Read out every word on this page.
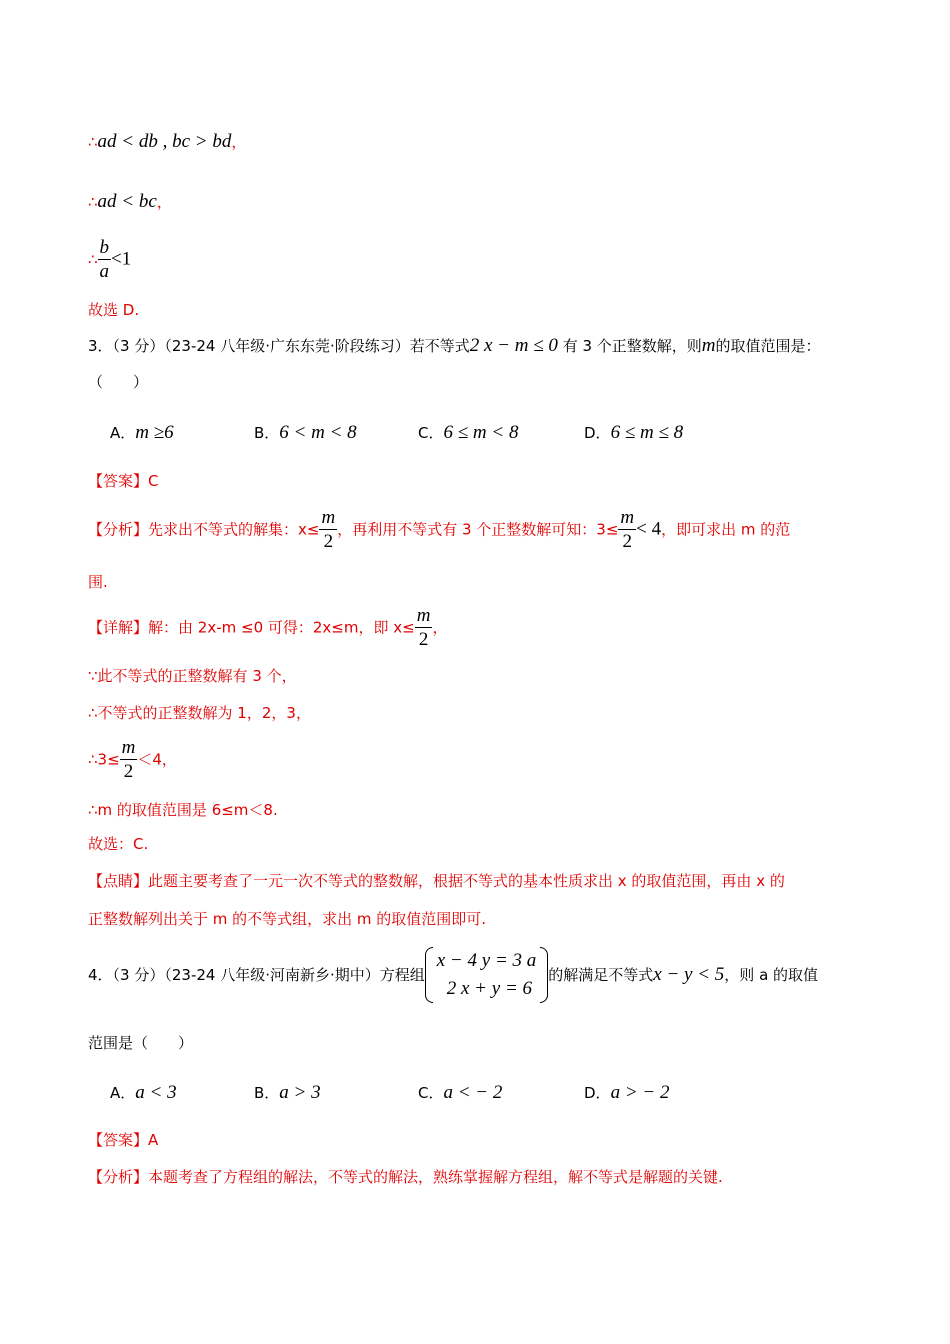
∴ad < db , bc > bd，
∴ad < bc，
∴ $\frac{b}{a} <1$
故选 D.
3．（3 分）（23-24 八年级·广东东莞·阶段练习）若不等式2 x − m ≤ 0 有 3 个正整数解，则m的取值范围是：
（　　）
A．m ≥6	B．6 < m < 8	C．6 ≤ m < 8	D．6 ≤ m ≤ 8
【答案】C
【分析】先求出不等式的解集：$x\le \frac{m}{2}$ ，再利用不等式有 3 个正整数解可知：$3\le \frac{m}{2} < 4$，即可求出 m 的范
围.
【详解】解：由 2x-m ≤0 可得：2x≤m，即 $x\le \frac{m}{2}$ ，
∵此不等式的正整数解有 3 个，
∴不等式的正整数解为 1，2，3，
∴3≤ $\frac{m}{2} <4$，
∴m 的取值范围是 6≤m＜8.
故选：C.
【点睛】此题主要考查了一元一次不等式的整数解，根据不等式的基本性质求出 x 的取值范围，再由 x 的
正整数解列出关于 m 的不等式组，求出 m 的取值范围即可.
4．（3 分）（23-24 八年级·河南新乡·期中）方程组
x − 4 y = 3 a
2 x + y = 6
的解满足不等式 x − y < 5 ，则 a 的取值
范围是（　　）
A．a < 3	B．a > 3	C．a < − 2	D．a > − 2
【答案】A
【分析】本题考查了方程组的解法，不等式的解法，熟练掌握解方程组，解不等式是解题的关键.
